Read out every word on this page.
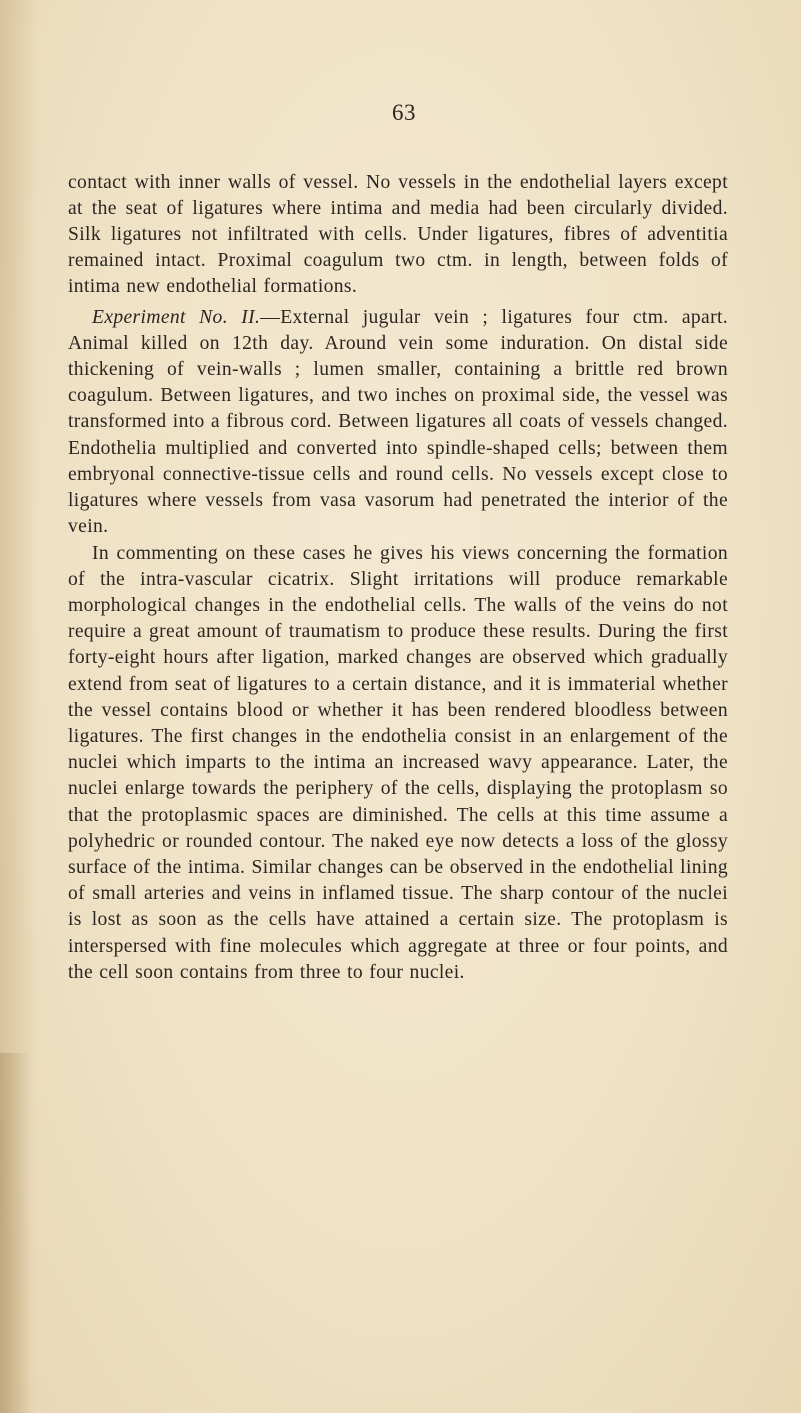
63

contact with inner walls of vessel. No vessels in the endothelial layers except at the seat of ligatures where intima and media had been circularly divided. Silk ligatures not infiltrated with cells. Under ligatures, fibres of adventitia remained intact. Proximal coagulum two ctm. in length, between folds of intima new endothelial formations.

Experiment No. II.—External jugular vein ; ligatures four ctm. apart. Animal killed on 12th day. Around vein some induration. On distal side thickening of vein-walls ; lumen smaller, containing a brittle red brown coagulum. Between ligatures, and two inches on proximal side, the vessel was transformed into a fibrous cord. Between ligatures all coats of vessels changed. Endothelia multiplied and converted into spindle-shaped cells; between them embryonal connective-tissue cells and round cells. No vessels except close to ligatures where vessels from vasa vasorum had penetrated the interior of the vein.

In commenting on these cases he gives his views concerning the formation of the intra-vascular cicatrix. Slight irritations will produce remarkable morphological changes in the endothelial cells. The walls of the veins do not require a great amount of traumatism to produce these results. During the first forty-eight hours after ligation, marked changes are observed which gradually extend from seat of ligatures to a certain distance, and it is immaterial whether the vessel contains blood or whether it has been rendered bloodless between ligatures. The first changes in the endothelia consist in an enlargement of the nuclei which imparts to the intima an increased wavy appearance. Later, the nuclei enlarge towards the periphery of the cells, displaying the protoplasm so that the protoplasmic spaces are diminished. The cells at this time assume a polyhedric or rounded contour. The naked eye now detects a loss of the glossy surface of the intima. Similar changes can be observed in the endothelial lining of small arteries and veins in inflamed tissue. The sharp contour of the nuclei is lost as soon as the cells have attained a certain size. The protoplasm is interspersed with fine molecules which aggregate at three or four points, and the cell soon contains from three to four nuclei.
